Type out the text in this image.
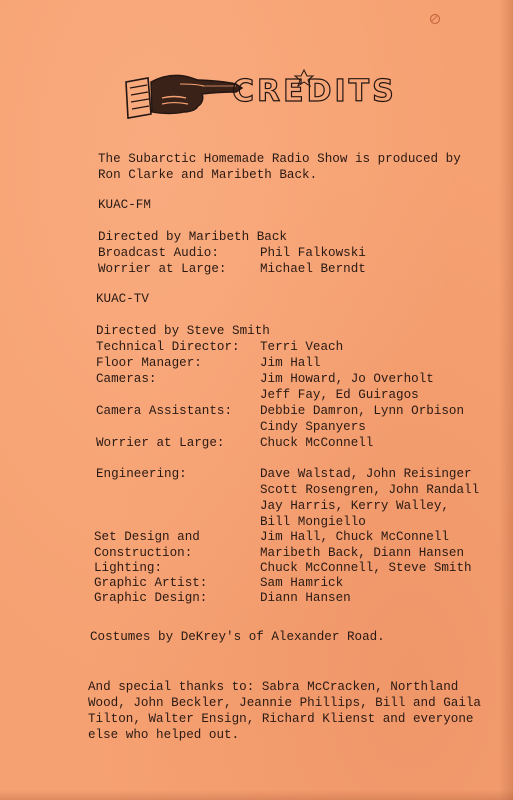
CREDITS
The Subarctic Homemade Radio Show is produced by
Ron Clarke and Maribeth Back.
KUAC-FM
Directed by Maribeth Back
Broadcast Audio:	Phil Falkowski
Worrier at Large:	Michael Berndt
KUAC-TV
Directed by Steve Smith
Technical Director: Terri Veach
Floor Manager:	Jim Hall
Cameras:	Jim Howard, Jo Overholt
Jeff Fay, Ed Guiragos
Camera Assistants: Debbie Damron, Lynn Orbison
Cindy Spanyers
Worrier at Large:	Chuck McConnell
Engineering:	Dave Walstad, John Reisinger
Scott Rosengren, John Randall
Jay Harris, Kerry Walley,
Bill Mongiello
Set Design and	Jim Hall, Chuck McConnell
Construction:	Maribeth Back, Diann Hansen
Lighting:	Chuck McConnell, Steve Smith
Graphic Artist:	Sam Hamrick
Graphic Design:	Diann Hansen
Costumes by DeKrey's of Alexander Road.
And special thanks to: Sabra McCracken, Northland
Wood, John Beckler, Jeannie Phillips, Bill and Gaila
Tilton, Walter Ensign, Richard Klienst and everyone
else who helped out.
